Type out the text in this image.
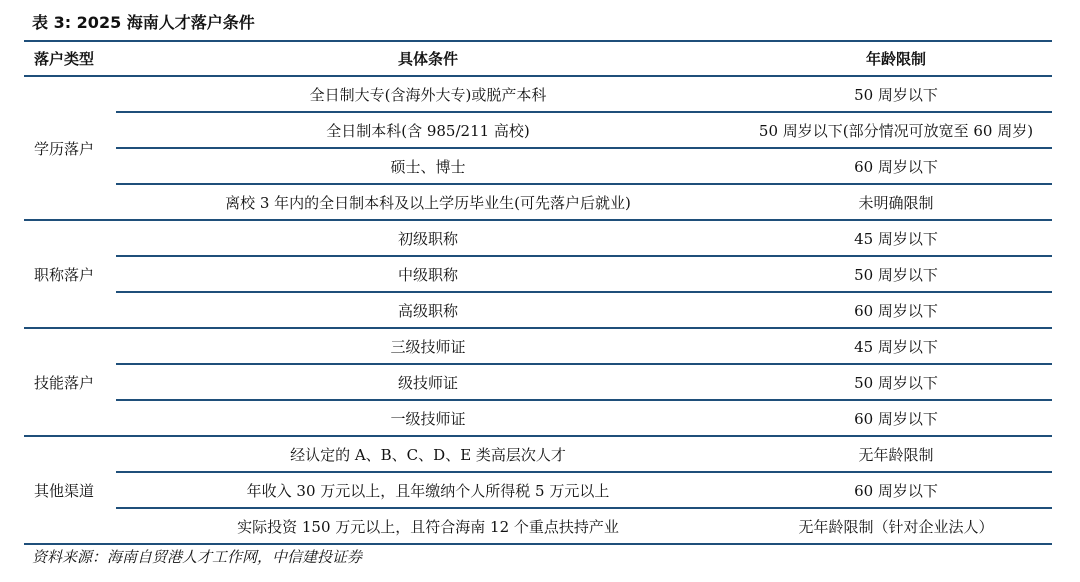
表 3: 2025 海南人才落户条件
落户类型	具体条件	年龄限制
学历落户	全日制大专(含海外大专)或脱产本科	50 周岁以下
	全日制本科(含 985/211 高校)	50 周岁以下(部分情况可放宽至 60 周岁)
	硕士、博士	60 周岁以下
	离校 3 年内的全日制本科及以上学历毕业生(可先落户后就业)	未明确限制
职称落户	初级职称	45 周岁以下
	中级职称	50 周岁以下
	高级职称	60 周岁以下
技能落户	三级技师证	45 周岁以下
	级技师证	50 周岁以下
	一级技师证	60 周岁以下
其他渠道	经认定的 A、B、C、D、E 类高层次人才	无年龄限制
	年收入 30 万元以上，且年缴纳个人所得税 5 万元以上	60 周岁以下
	实际投资 150 万元以上，且符合海南 12 个重点扶持产业	无年龄限制（针对企业法人）
资料来源：海南自贸港人才工作网，中信建投证券
